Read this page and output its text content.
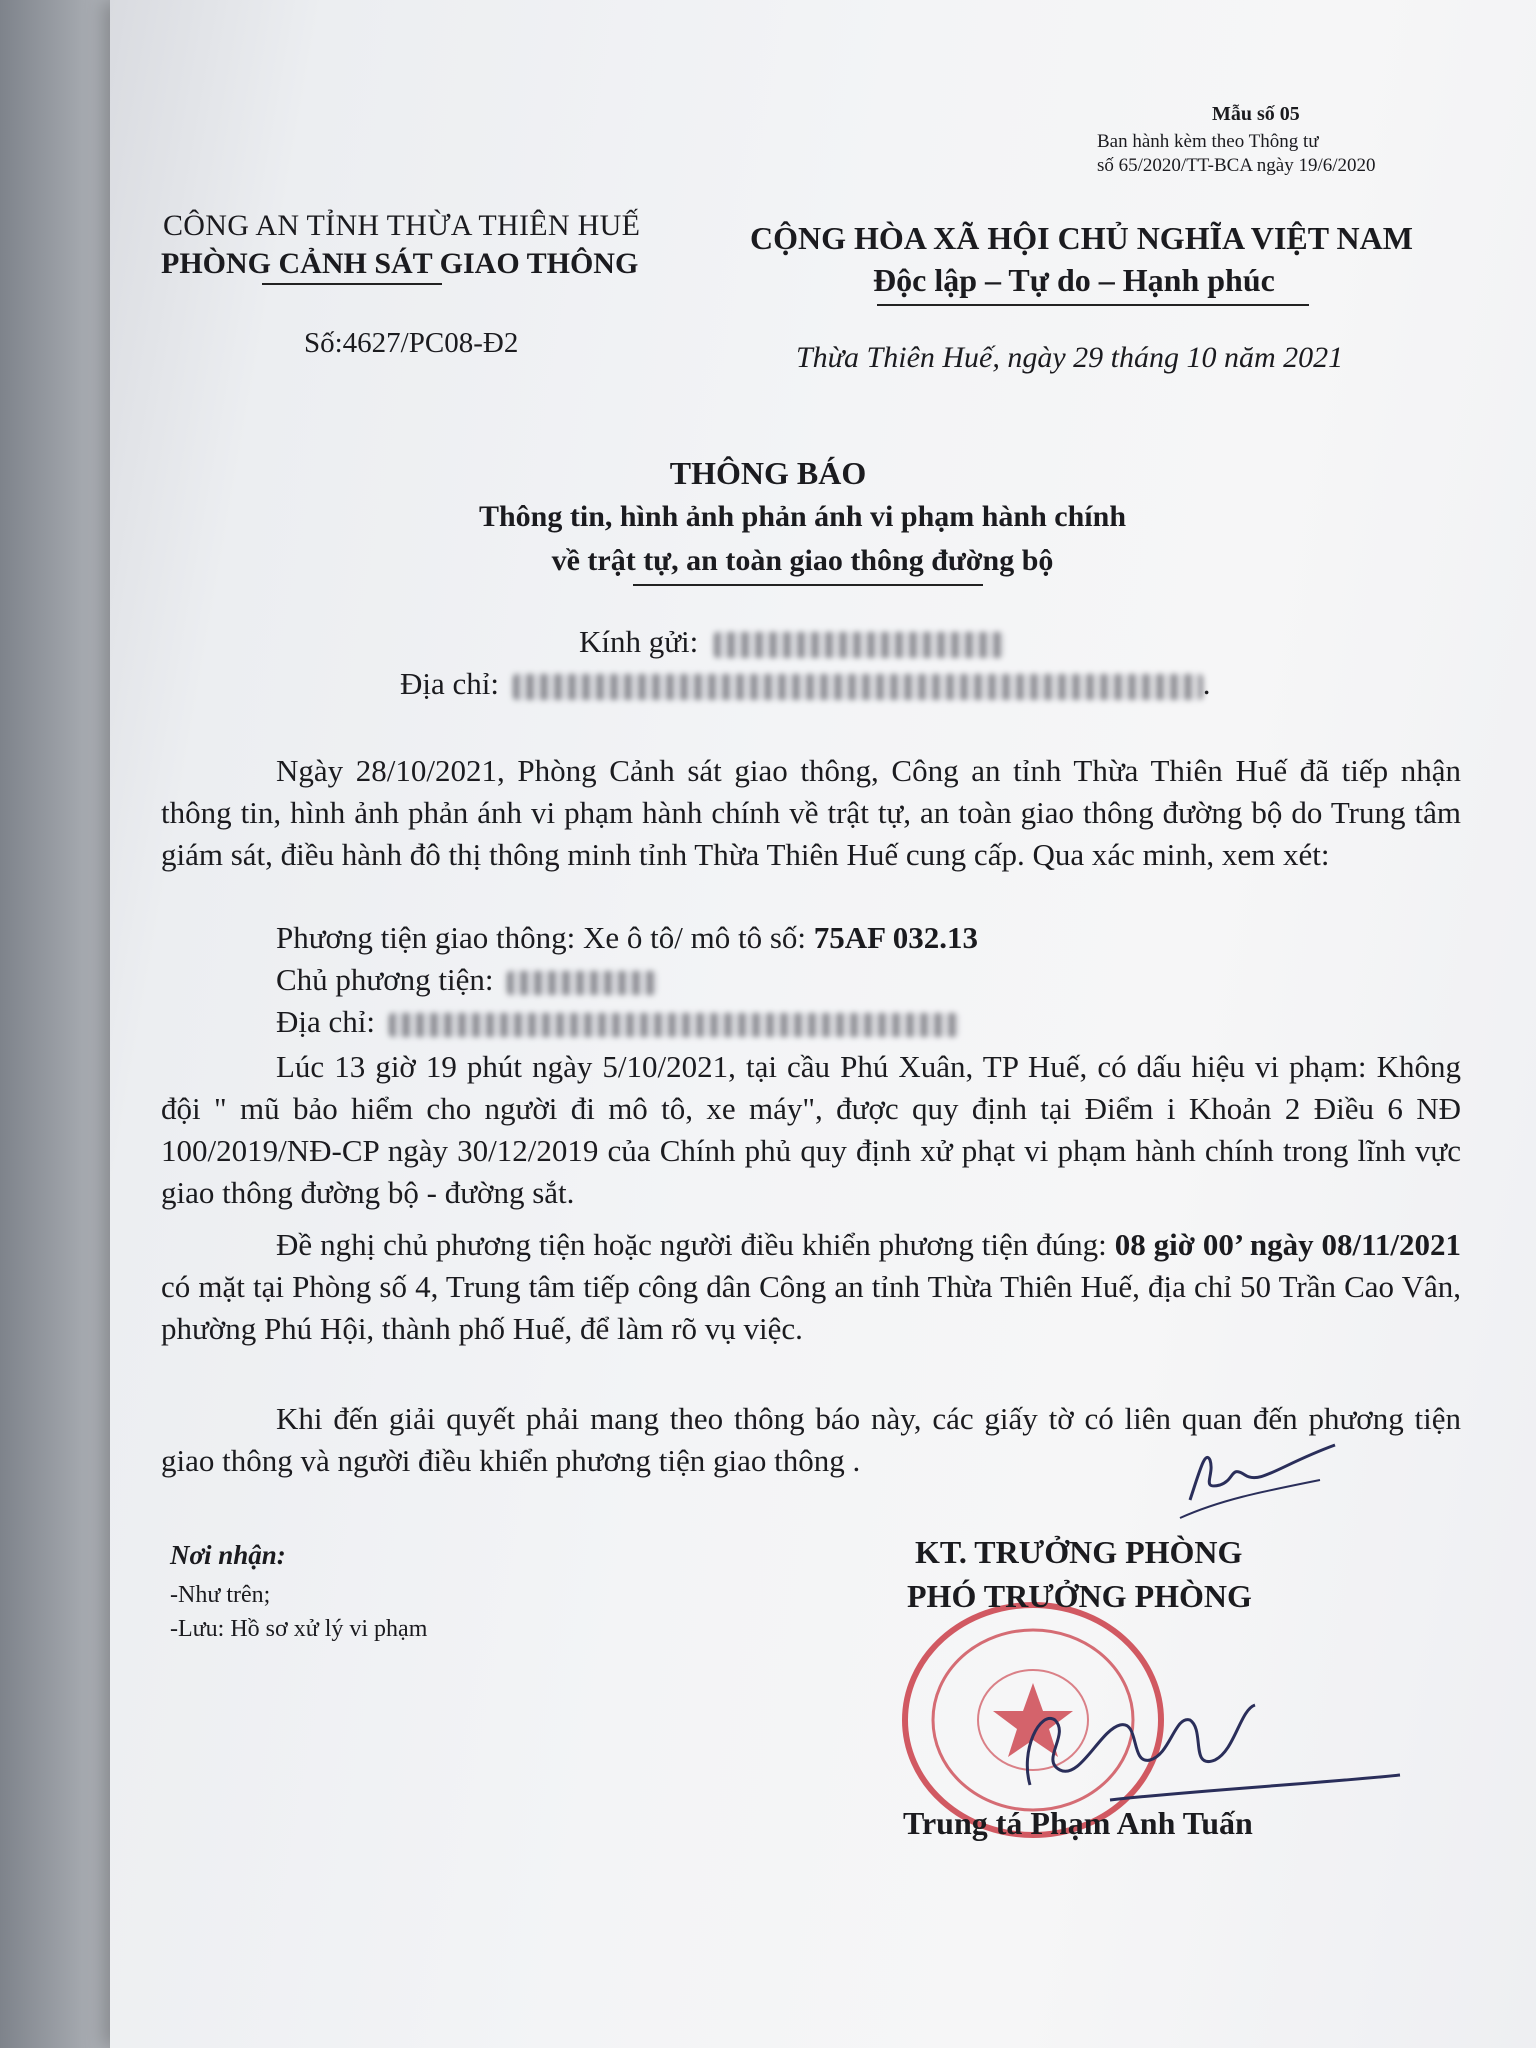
Mẫu số 05
Ban hành kèm theo Thông tư
số 65/2020/TT-BCA ngày 19/6/2020
CÔNG AN TỈNH THỪA THIÊN HUẾ
PHÒNG CẢNH SÁT GIAO THÔNG
CỘNG HÒA XÃ HỘI CHỦ NGHĨA VIỆT NAM
Độc lập – Tự do – Hạnh phúc
Số:4627/PC08-Đ2	Thừa Thiên Huế, ngày 29 tháng 10 năm 2021
THÔNG BÁO
Thông tin, hình ảnh phản ánh vi phạm hành chính
về trật tự, an toàn giao thông đường bộ
Kính gửi:
Địa chỉ:	.
Ngày 28/10/2021, Phòng Cảnh sát giao thông, Công an tỉnh Thừa Thiên Huế đã tiếp nhận thông tin, hình ảnh phản ánh vi phạm hành chính về trật tự, an toàn giao thông đường bộ do Trung tâm giám sát, điều hành đô thị thông minh tỉnh Thừa Thiên Huế cung cấp. Qua xác minh, xem xét:
Phương tiện giao thông: Xe ô tô/ mô tô số: 75AF 032.13
Chủ phương tiện:
Địa chỉ:
Lúc 13 giờ 19 phút ngày 5/10/2021, tại cầu Phú Xuân, TP Huế, có dấu hiệu vi phạm: Không đội " mũ bảo hiểm cho người đi mô tô, xe máy", được quy định tại Điểm i Khoản 2 Điều 6 NĐ 100/2019/NĐ-CP ngày 30/12/2019 của Chính phủ quy định xử phạt vi phạm hành chính trong lĩnh vực giao thông đường bộ - đường sắt.
Đề nghị chủ phương tiện hoặc người điều khiển phương tiện đúng: 08 giờ 00’ ngày 08/11/2021 có mặt tại Phòng số 4, Trung tâm tiếp công dân Công an tỉnh Thừa Thiên Huế, địa chỉ 50 Trần Cao Vân, phường Phú Hội, thành phố Huế, để làm rõ vụ việc.
Khi đến giải quyết phải mang theo thông báo này, các giấy tờ có liên quan đến phương tiện giao thông và người điều khiển phương tiện giao thông .
Nơi nhận:
-Như trên;
-Lưu: Hồ sơ xử lý vi phạm
KT. TRƯỞNG PHÒNG
PHÓ TRƯỞNG PHÒNG
Trung tá Phạm Anh Tuấn
